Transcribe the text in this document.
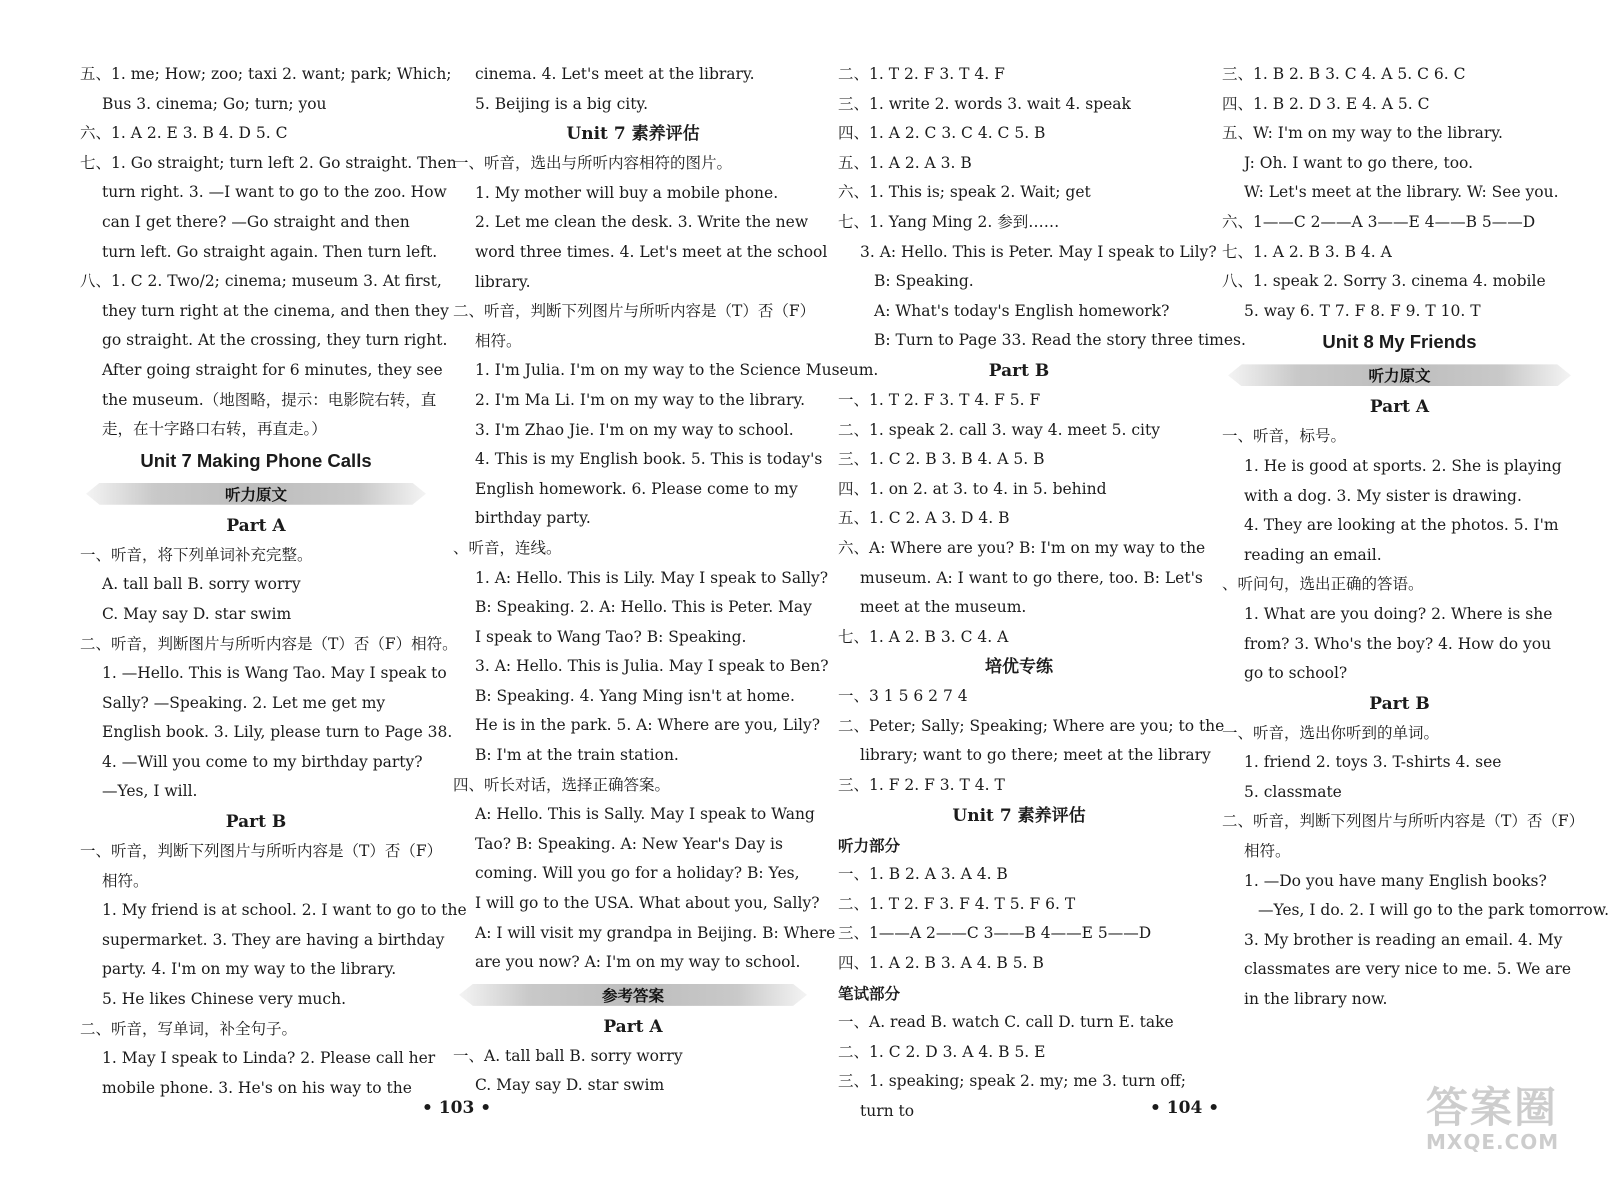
五、1. me; How; zoo; taxi 2. want; park; Which;
Bus 3. cinema; Go; turn; you
六、1. A 2. E 3. B 4. D 5. C
七、1. Go straight; turn left 2. Go straight. Then
turn right. 3. —I want to go to the zoo. How
can I get there? —Go straight and then
turn left. Go straight again. Then turn left.
八、1. C 2. Two/2; cinema; museum 3. At first,
they turn right at the cinema, and then they
go straight. At the crossing, they turn right.
After going straight for 6 minutes, they see
the museum.（地图略，提示：电影院右转，直
走，在十字路口右转，再直走。）
Unit 7 Making Phone Calls
听力原文
Part A
一、听音，将下列单词补充完整。
A. tall ball B. sorry worry
C. May say D. star swim
二、听音，判断图片与所听内容是（T）否（F）相符。
1. —Hello. This is Wang Tao. May I speak to
Sally? —Speaking. 2. Let me get my
English book. 3. Lily, please turn to Page 38.
4. —Will you come to my birthday party?
—Yes, I will.
Part B
一、听音，判断下列图片与所听内容是（T）否（F）
相符。
1. My friend is at school. 2. I want to go to the
supermarket. 3. They are having a birthday
party. 4. I'm on my way to the library.
5. He likes Chinese very much.
二、听音，写单词，补全句子。
1. May I speak to Linda? 2. Please call her
mobile phone. 3. He's on his way to the
cinema. 4. Let's meet at the library.
5. Beijing is a big city.
Unit 7 素养评估
一、听音，选出与所听内容相符的图片。
1. My mother will buy a mobile phone.
2. Let me clean the desk. 3. Write the new
word three times. 4. Let's meet at the school
library.
二、听音，判断下列图片与所听内容是（T）否（F）
相符。
1. I'm Julia. I'm on my way to the Science Museum.
2. I'm Ma Li. I'm on my way to the library.
3. I'm Zhao Jie. I'm on my way to school.
4. This is my English book. 5. This is today's
English homework. 6. Please come to my
birthday party.
、听音，连线。
1. A: Hello. This is Lily. May I speak to Sally?
B: Speaking. 2. A: Hello. This is Peter. May
I speak to Wang Tao? B: Speaking.
3. A: Hello. This is Julia. May I speak to Ben?
B: Speaking. 4. Yang Ming isn't at home.
He is in the park. 5. A: Where are you, Lily?
B: I'm at the train station.
四、听长对话，选择正确答案。
A: Hello. This is Sally. May I speak to Wang
Tao? B: Speaking. A: New Year's Day is
coming. Will you go for a holiday? B: Yes,
I will go to the USA. What about you, Sally?
A: I will visit my grandpa in Beijing. B: Where
are you now? A: I'm on my way to school.
参考答案
Part A
一、A. tall ball B. sorry worry
C. May say D. star swim
二、1. T 2. F 3. T 4. F
三、1. write 2. words 3. wait 4. speak
四、1. A 2. C 3. C 4. C 5. B
五、1. A 2. A 3. B
六、1. This is; speak 2. Wait; get
七、1. Yang Ming 2. 参到……
3. A: Hello. This is Peter. May I speak to Lily?
B: Speaking.
A: What's today's English homework?
B: Turn to Page 33. Read the story three times.
Part B
一、1. T 2. F 3. T 4. F 5. F
二、1. speak 2. call 3. way 4. meet 5. city
三、1. C 2. B 3. B 4. A 5. B
四、1. on 2. at 3. to 4. in 5. behind
五、1. C 2. A 3. D 4. B
六、A: Where are you? B: I'm on my way to the
museum. A: I want to go there, too. B: Let's
meet at the museum.
七、1. A 2. B 3. C 4. A
培优专练
一、3 1 5 6 2 7 4
二、Peter; Sally; Speaking; Where are you; to the
library; want to go there; meet at the library
三、1. F 2. F 3. T 4. T
Unit 7 素养评估
听力部分
一、1. B 2. A 3. A 4. B
二、1. T 2. F 3. F 4. T 5. F 6. T
三、1——A 2——C 3——B 4——E 5——D
四、1. A 2. B 3. A 4. B 5. B
笔试部分
一、A. read B. watch C. call D. turn E. take
二、1. C 2. D 3. A 4. B 5. E
三、1. speaking; speak 2. my; me 3. turn off;
turn to
三、1. B 2. B 3. C 4. A 5. C 6. C
四、1. B 2. D 3. E 4. A 5. C
五、W: I'm on my way to the library.
J: Oh. I want to go there, too.
W: Let's meet at the library. W: See you.
六、1——C 2——A 3——E 4——B 5——D
七、1. A 2. B 3. B 4. A
八、1. speak 2. Sorry 3. cinema 4. mobile
5. way 6. T 7. F 8. F 9. T 10. T
Unit 8 My Friends
听力原文
Part A
一、听音，标号。
1. He is good at sports. 2. She is playing
with a dog. 3. My sister is drawing.
4. They are looking at the photos. 5. I'm
reading an email.
、听问句，选出正确的答语。
1. What are you doing? 2. Where is she
from? 3. Who's the boy? 4. How do you
go to school?
Part B
一、听音，选出你听到的单词。
1. friend 2. toys 3. T-shirts 4. see
5. classmate
二、听音，判断下列图片与所听内容是（T）否（F）
相符。
1. —Do you have many English books?
—Yes, I do. 2. I will go to the park tomorrow.
3. My brother is reading an email. 4. My
classmates are very nice to me. 5. We are
in the library now.
• 103 •	• 104 •	答案圈
MXQE.COM
